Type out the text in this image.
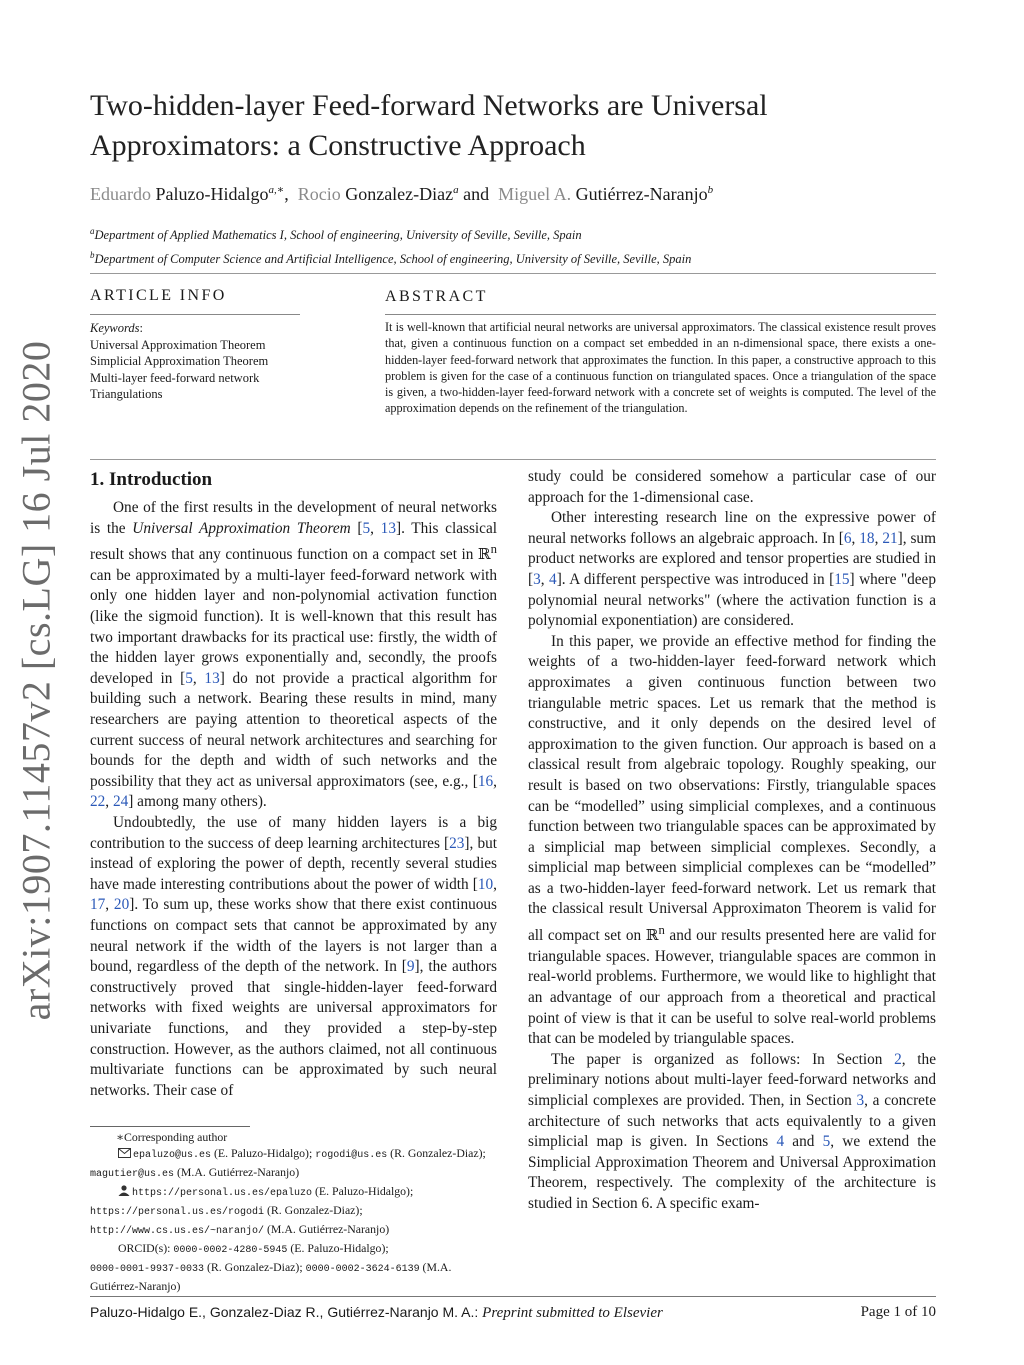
arXiv:1907.11457v2 [cs.LG] 16 Jul 2020
Two-hidden-layer Feed-forward Networks are Universal
Approximators: a Constructive Approach
Eduardo Paluzo-Hidalgo$^{a,∗}$, Rocio Gonzalez-Diaz$^a$ and Miguel A. Gutiérrez-Naranjo$^b$
$^a$Department of Applied Mathematics I, School of engineering, University of Seville, Seville, Spain
$^b$Department of Computer Science and Artificial Intelligence, School of engineering, University of Seville, Seville, Spain
ARTICLE INFO
Keywords:
Universal Approximation Theorem
Simplicial Approximation Theorem
Multi-layer feed-forward network
Triangulations
ABSTRACT
It is well-known that artificial neural networks are universal approximators. The classical existence result proves that, given a continuous function on a compact set embedded in an n-dimensional space, there exists a one-hidden-layer feed-forward network that approximates the function. In this paper, a constructive approach to this problem is given for the case of a continuous function on triangulated spaces. Once a triangulation of the space is given, a two-hidden-layer feed-forward network with a concrete set of weights is computed. The level of the approximation depends on the refinement of the triangulation.
1. Introduction

One of the first results in the development of neural networks is the Universal Approximation Theorem [5, 13]. This classical result shows that any continuous function on a compact set in ℝ$^n$ can be approximated by a multi-layer feed-forward network with only one hidden layer and non-polynomial activation function (like the sigmoid function). It is well-known that this result has two important drawbacks for its practical use: firstly, the width of the hidden layer grows exponentially and, secondly, the proofs developed in [5, 13] do not provide a practical algorithm for building such a network. Bearing these results in mind, many researchers are paying attention to theoretical aspects of the current success of neural network architectures and searching for bounds for the depth and width of such networks and the possibility that they act as universal approximators (see, e.g., [16, 22, 24] among many others).

Undoubtedly, the use of many hidden layers is a big contribution to the success of deep learning architectures [23], but instead of exploring the power of depth, recently several studies have made interesting contributions about the power of width [10, 17, 20]. To sum up, these works show that there exist continuous functions on compact sets that cannot be approximated by any neural network if the width of the layers is not larger than a bound, regardless of the depth of the network. In [9], the authors constructively proved that single-hidden-layer feed-forward networks with fixed weights are universal approximators for univariate functions, and they provided a step-by-step construction. However, as the authors claimed, not all continuous multivariate functions can be approximated by such neural networks. Their case of

∗Corresponding author
epaluzo@us.es (E. Paluzo-Hidalgo); rogodi@us.es (R. Gonzalez-Diaz); magutier@us.es (M.A. Gutiérrez-Naranjo)
https://personal.us.es/epaluzo (E. Paluzo-Hidalgo);
https://personal.us.es/rogodi (R. Gonzalez-Diaz);
http://www.cs.us.es/~naranjo/ (M.A. Gutiérrez-Naranjo)
ORCID(s): 0000-0002-4280-5945 (E. Paluzo-Hidalgo);
0000-0001-9937-0033 (R. Gonzalez-Diaz); 0000-0002-3624-6139 (M.A. Gutiérrez-Naranjo)

study could be considered somehow a particular case of our approach for the 1-dimensional case.

Other interesting research line on the expressive power of neural networks follows an algebraic approach. In [6, 18, 21], sum product networks are explored and tensor properties are studied in [3, 4]. A different perspective was introduced in [15] where "deep polynomial neural networks" (where the activation function is a polynomial exponentiation) are considered.

In this paper, we provide an effective method for finding the weights of a two-hidden-layer feed-forward network which approximates a given continuous function between two triangulable metric spaces. Let us remark that the method is constructive, and it only depends on the desired level of approximation to the given function. Our approach is based on a classical result from algebraic topology. Roughly speaking, our result is based on two observations: Firstly, triangulable spaces can be “modelled” using simplicial complexes, and a continuous function between two triangulable spaces can be approximated by a simplicial map between simplicial complexes. Secondly, a simplicial map between simplicial complexes can be “modelled” as a two-hidden-layer feed-forward network. Let us remark that the classical result Universal Approximaton Theorem is valid for all compact set on ℝ$^n$ and our results presented here are valid for triangulable spaces. However, triangulable spaces are common in real-world problems. Furthermore, we would like to highlight that an advantage of our approach from a theoretical and practical point of view is that it can be useful to solve real-world problems that can be modeled by triangulable spaces.

The paper is organized as follows: In Section 2, the preliminary notions about multi-layer feed-forward networks and simplicial complexes are provided. Then, in Section 3, a concrete architecture of such networks that acts equivalently to a given simplicial map is given. In Sections 4 and 5, we extend the Simplicial Approximation Theorem and Universal Approximation Theorem, respectively. The complexity of the architecture is studied in Section 6. A specific exam-

Paluzo-Hidalgo E., Gonzalez-Diaz R., Gutiérrez-Naranjo M. A.: Preprint submitted to Elsevier	Page 1 of 10
